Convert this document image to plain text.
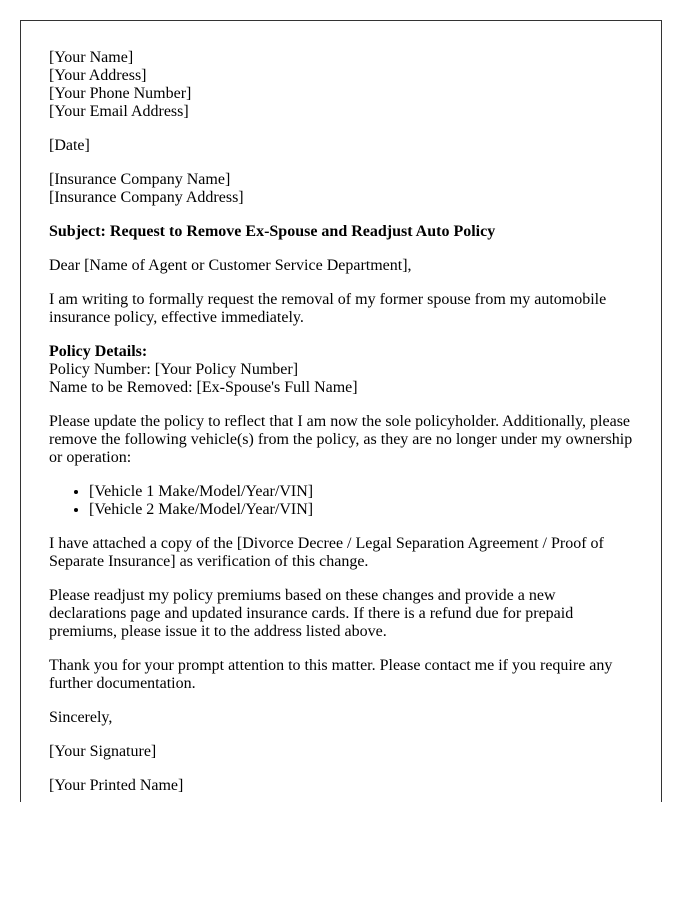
[Your Name]
[Your Address]
[Your Phone Number]
[Your Email Address]

[Date]

[Insurance Company Name]
[Insurance Company Address]

Subject: Request to Remove Ex-Spouse and Readjust Auto Policy

Dear [Name of Agent or Customer Service Department],

I am writing to formally request the removal of my former spouse from my automobile insurance policy, effective immediately.

Policy Details:
Policy Number: [Your Policy Number]
Name to be Removed: [Ex-Spouse's Full Name]

Please update the policy to reflect that I am now the sole policyholder. Additionally, please remove the following vehicle(s) from the policy, as they are no longer under my ownership or operation:

• [Vehicle 1 Make/Model/Year/VIN]
• [Vehicle 2 Make/Model/Year/VIN]

I have attached a copy of the [Divorce Decree / Legal Separation Agreement / Proof of Separate Insurance] as verification of this change.

Please readjust my policy premiums based on these changes and provide a new declarations page and updated insurance cards. If there is a refund due for prepaid premiums, please issue it to the address listed above.

Thank you for your prompt attention to this matter. Please contact me if you require any further documentation.

Sincerely,

[Your Signature]

[Your Printed Name]
